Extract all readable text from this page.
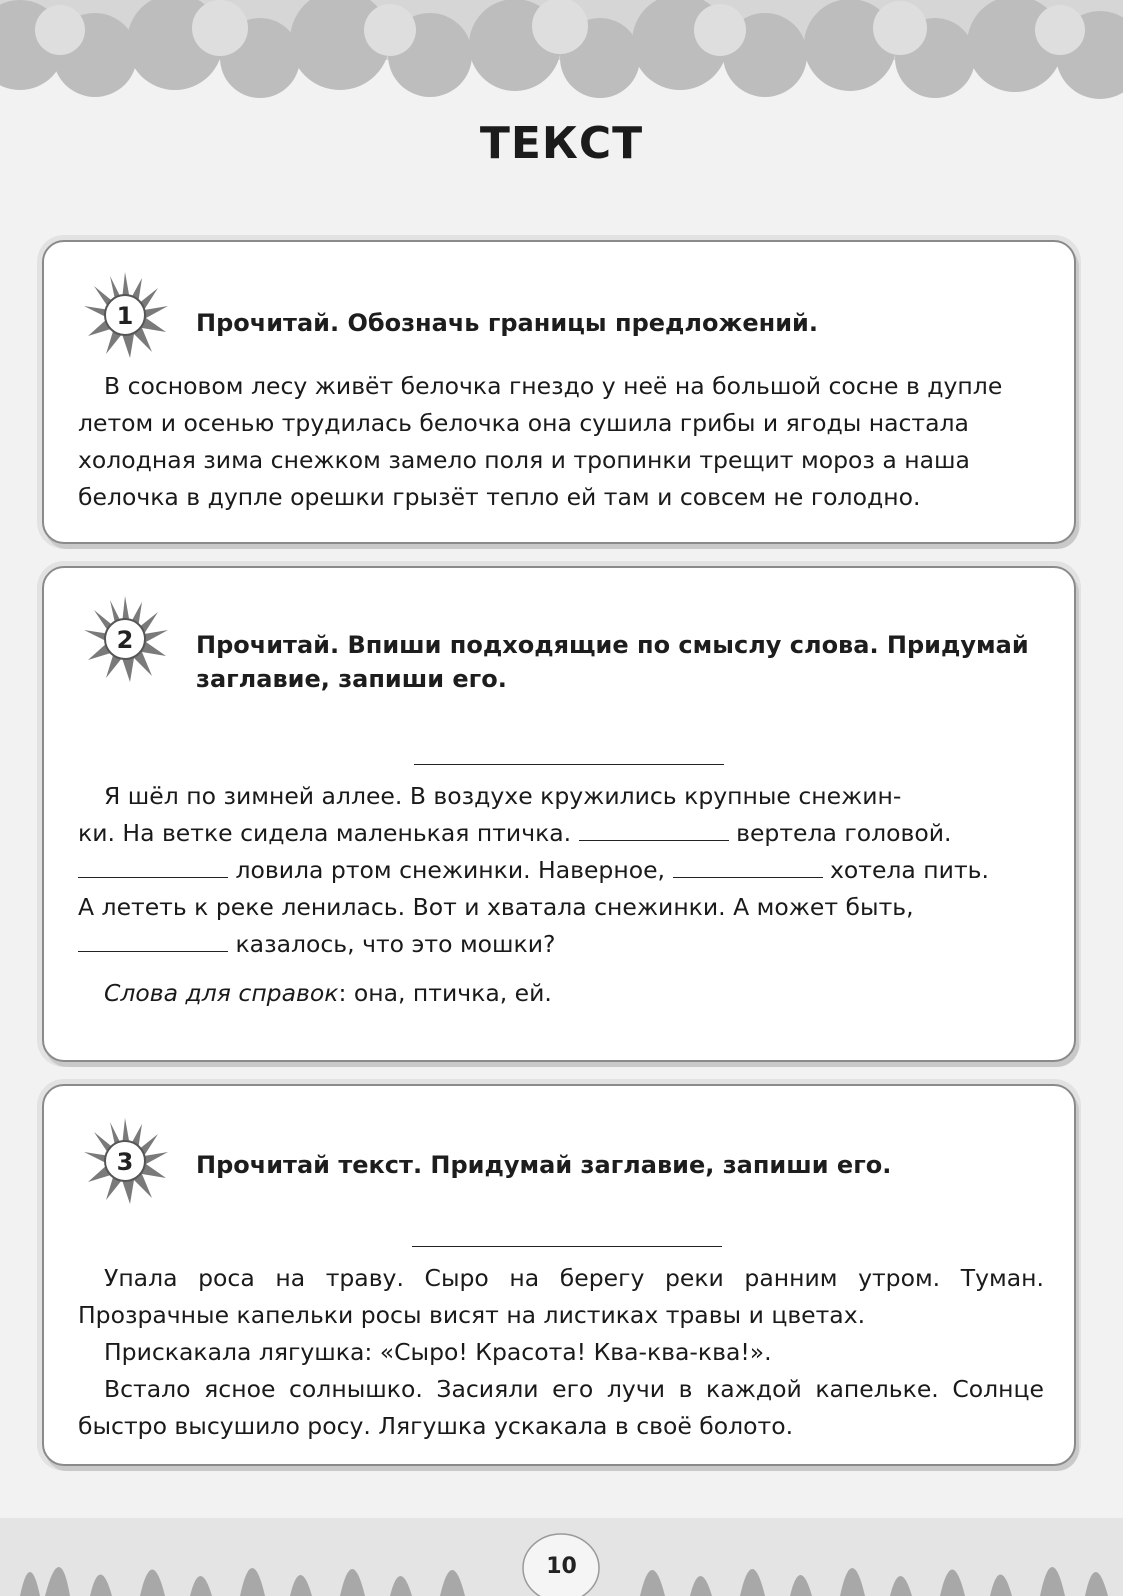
ТЕКСТ
1	Прочитай. Обозначь границы предложений.
В сосновом лесу живёт белочка гнездо у неё на большой сосне в дупле
летом и осенью трудилась белочка она сушила грибы и ягоды настала
холодная зима снежком замело поля и тропинки трещит мороз а наша
белочка в дупле орешки грызёт тепло ей там и совсем не голодно.
2	Прочитай. Впиши подходящие по смыслу слова. Придумай заглавие, запиши его.
Я шёл по зимней аллее. В воздухе кружились крупные снежин-
ки. На ветке сидела маленькая птичка.	вертела головой.
ловила ртом снежинки. Наверное,	хотела пить.
А лететь к реке ленилась. Вот и хватала снежинки. А может быть,
казалось, что это мошки?
Слова для справок: она, птичка, ей.
3	Прочитай текст. Придумай заглавие, запиши его.
Упала роса на траву. Сыро на берегу реки ранним утром. Туман. Прозрачные капельки росы висят на листиках травы и цветах.
Прискакала лягушка: «Сыро! Красота! Ква-ква-ква!».
Встало ясное солнышко. Засияли его лучи в каждой капельке. Солнце быстро высушило росу. Лягушка ускакала в своё болото.
10
